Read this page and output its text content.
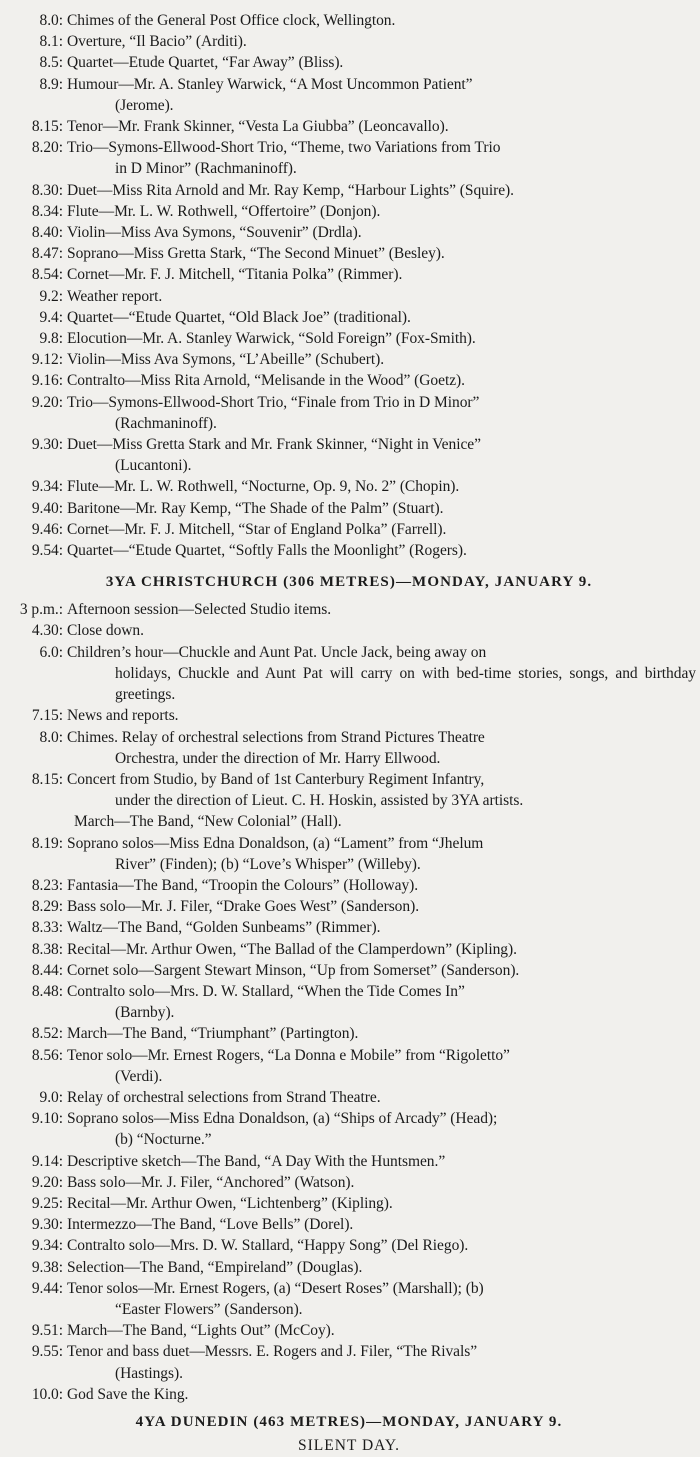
8.0: Chimes of the General Post Office clock, Wellington.
8.1: Overture, “Il Bacio” (Arditi).
8.5: Quartet—Etude Quartet, “Far Away” (Bliss).
8.9: Humour—Mr. A. Stanley Warwick, “A Most Uncommon Patient”
(Jerome).
8.15: Tenor—Mr. Frank Skinner, “Vesta La Giubba” (Leoncavallo).
8.20: Trio—Symons-Ellwood-Short Trio, “Theme, two Variations from Trio
in D Minor” (Rachmaninoff).
8.30: Duet—Miss Rita Arnold and Mr. Ray Kemp, “Harbour Lights” (Squire).
8.34: Flute—Mr. L. W. Rothwell, “Offertoire” (Donjon).
8.40: Violin—Miss Ava Symons, “Souvenir” (Drdla).
8.47: Soprano—Miss Gretta Stark, “The Second Minuet” (Besley).
8.54: Cornet—Mr. F. J. Mitchell, “Titania Polka” (Rimmer).
9.2: Weather report.
9.4: Quartet—“Etude Quartet, “Old Black Joe” (traditional).
9.8: Elocution—Mr. A. Stanley Warwick, “Sold Foreign” (Fox-Smith).
9.12: Violin—Miss Ava Symons, “L’Abeille” (Schubert).
9.16: Contralto—Miss Rita Arnold, “Melisande in the Wood” (Goetz).
9.20: Trio—Symons-Ellwood-Short Trio, “Finale from Trio in D Minor”
(Rachmaninoff).
9.30: Duet—Miss Gretta Stark and Mr. Frank Skinner, “Night in Venice”
(Lucantoni).
9.34: Flute—Mr. L. W. Rothwell, “Nocturne, Op. 9, No. 2” (Chopin).
9.40: Baritone—Mr. Ray Kemp, “The Shade of the Palm” (Stuart).
9.46: Cornet—Mr. F. J. Mitchell, “Star of England Polka” (Farrell).
9.54: Quartet—“Etude Quartet, “Softly Falls the Moonlight” (Rogers).
3YA CHRISTCHURCH (306 METRES)—MONDAY, JANUARY 9.
3 p.m.: Afternoon session—Selected Studio items.
4.30: Close down.
6.0: Children’s hour—Chuckle and Aunt Pat. Uncle Jack, being away on
holidays, Chuckle and Aunt Pat will carry on with bed-time stories, songs, and birthday greetings.
7.15: News and reports.
8.0: Chimes. Relay of orchestral selections from Strand Pictures Theatre
Orchestra, under the direction of Mr. Harry Ellwood.
8.15: Concert from Studio, by Band of 1st Canterbury Regiment Infantry,
under the direction of Lieut. C. H. Hoskin, assisted by 3YA artists.
March—The Band, “New Colonial” (Hall).
8.19: Soprano solos—Miss Edna Donaldson, (a) “Lament” from “Jhelum
River” (Finden); (b) “Love’s Whisper” (Willeby).
8.23: Fantasia—The Band, “Troopin the Colours” (Holloway).
8.29: Bass solo—Mr. J. Filer, “Drake Goes West” (Sanderson).
8.33: Waltz—The Band, “Golden Sunbeams” (Rimmer).
8.38: Recital—Mr. Arthur Owen, “The Ballad of the Clamperdown” (Kipling).
8.44: Cornet solo—Sargent Stewart Minson, “Up from Somerset” (Sanderson).
8.48: Contralto solo—Mrs. D. W. Stallard, “When the Tide Comes In”
(Barnby).
8.52: March—The Band, “Triumphant” (Partington).
8.56: Tenor solo—Mr. Ernest Rogers, “La Donna e Mobile” from “Rigoletto”
(Verdi).
9.0: Relay of orchestral selections from Strand Theatre.
9.10: Soprano solos—Miss Edna Donaldson, (a) “Ships of Arcady” (Head);
(b) “Nocturne.”
9.14: Descriptive sketch—The Band, “A Day With the Huntsmen.”
9.20: Bass solo—Mr. J. Filer, “Anchored” (Watson).
9.25: Recital—Mr. Arthur Owen, “Lichtenberg” (Kipling).
9.30: Intermezzo—The Band, “Love Bells” (Dorel).
9.34: Contralto solo—Mrs. D. W. Stallard, “Happy Song” (Del Riego).
9.38: Selection—The Band, “Empireland” (Douglas).
9.44: Tenor solos—Mr. Ernest Rogers, (a) “Desert Roses” (Marshall); (b)
“Easter Flowers” (Sanderson).
9.51: March—The Band, “Lights Out” (McCoy).
9.55: Tenor and bass duet—Messrs. E. Rogers and J. Filer, “The Rivals”
(Hastings).
10.0: God Save the King.
4YA DUNEDIN (463 METRES)—MONDAY, JANUARY 9.
SILENT DAY.
